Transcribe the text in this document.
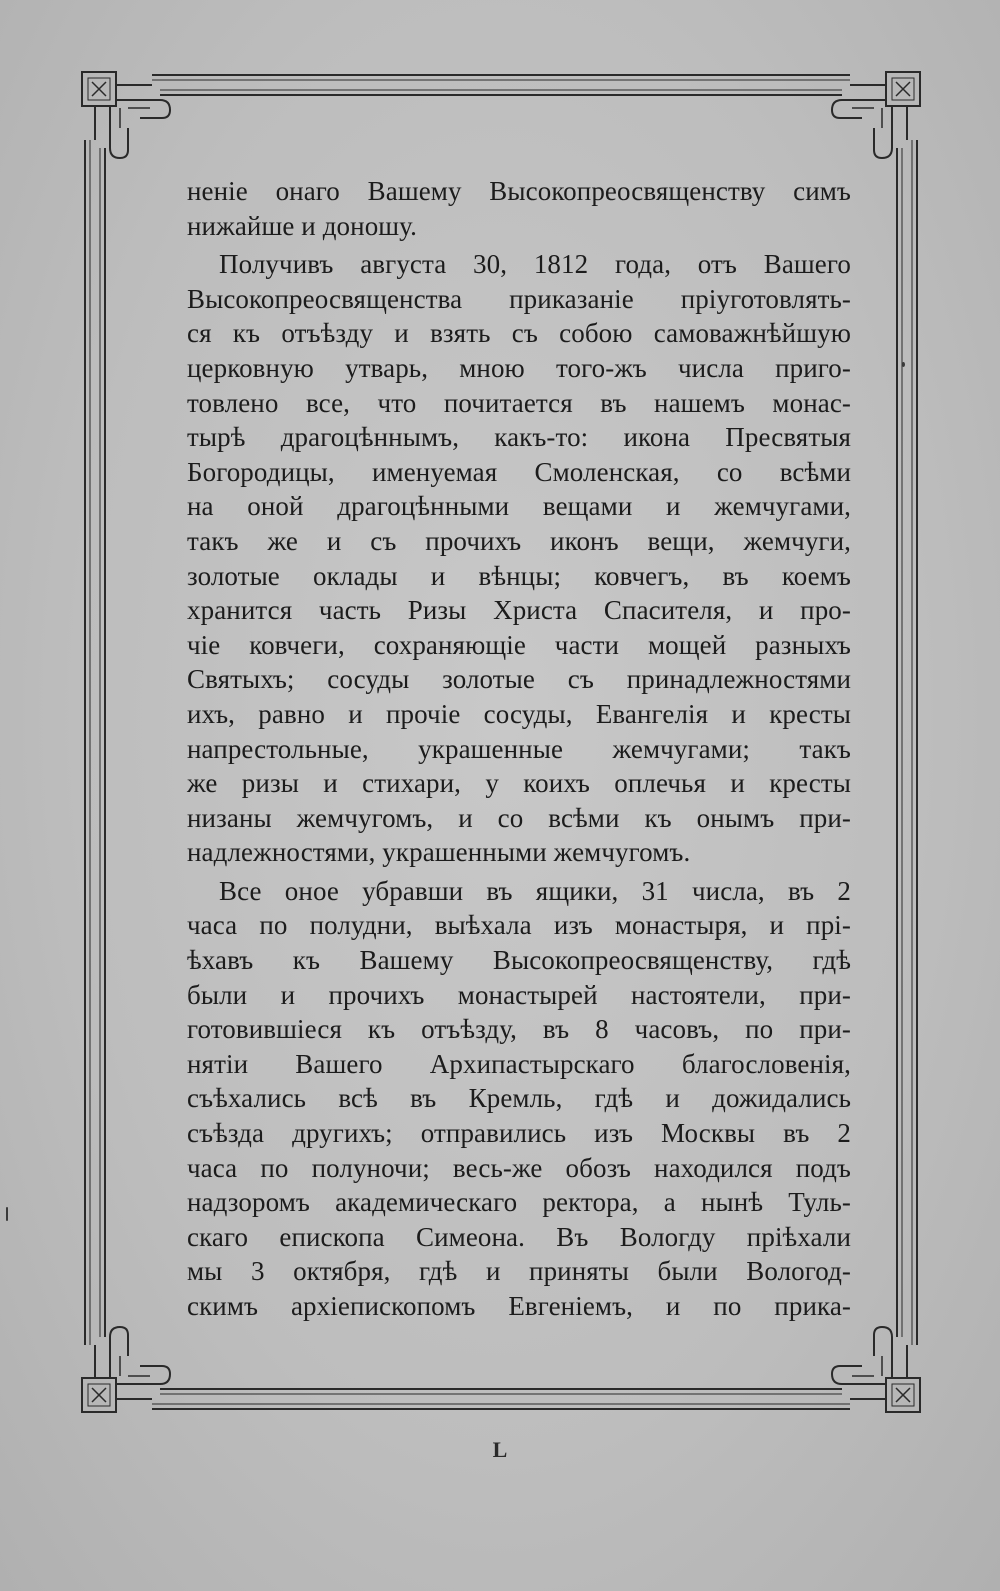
неніе онаго Вашему Высокопреосвященству симъ
нижайше и доношу.
Получивъ августа 30, 1812 года, отъ Вашего
Высокопреосвященства приказаніе пріуготовлять-
ся къ отъѣзду и взять съ собою самоважнѣйшую
церковную утварь, мною того-жъ числа приго-
товлено все, что почитается въ нашемъ монас-
тырѣ драгоцѣннымъ, какъ-то: икона Пресвятыя
Богородицы, именуемая Смоленская, со всѣми
на оной драгоцѣнными вещами и жемчугами,
такъ же и съ прочихъ иконъ вещи, жемчуги,
золотые оклады и вѣнцы; ковчегъ, въ коемъ
хранится часть Ризы Христа Спасителя, и про-
чіе ковчеги, сохраняющіе части мощей разныхъ
Святыхъ; сосуды золотые съ принадлежностями
ихъ, равно и прочіе сосуды, Евангелія и кресты
напрестольные, украшенные жемчугами; такъ
же ризы и стихари, у коихъ оплечья и кресты
низаны жемчугомъ, и со всѣми къ онымъ при-
надлежностями, украшенными жемчугомъ.
Все оное убравши въ ящики, 31 числа, въ 2
часа по полудни, выѣхала изъ монастыря, и прі-
ѣхавъ къ Вашему Высокопреосвященству, гдѣ
были и прочихъ монастырей настоятели, при-
готовившіеся къ отъѣзду, въ 8 часовъ, по при-
нятіи Вашего Архипастырскаго благословенія,
съѣхались всѣ въ Кремль, гдѣ и дожидались
съѣзда другихъ; отправились изъ Москвы въ 2
часа по полуночи; весь-же обозъ находился подъ
надзоромъ академическаго ректора, а нынѣ Туль-
скаго епископа Симеона. Въ Вологду пріѣхали
мы 3 октября, гдѣ и приняты были Вологод-
скимъ архіепископомъ Евгеніемъ, и по прика-
L
